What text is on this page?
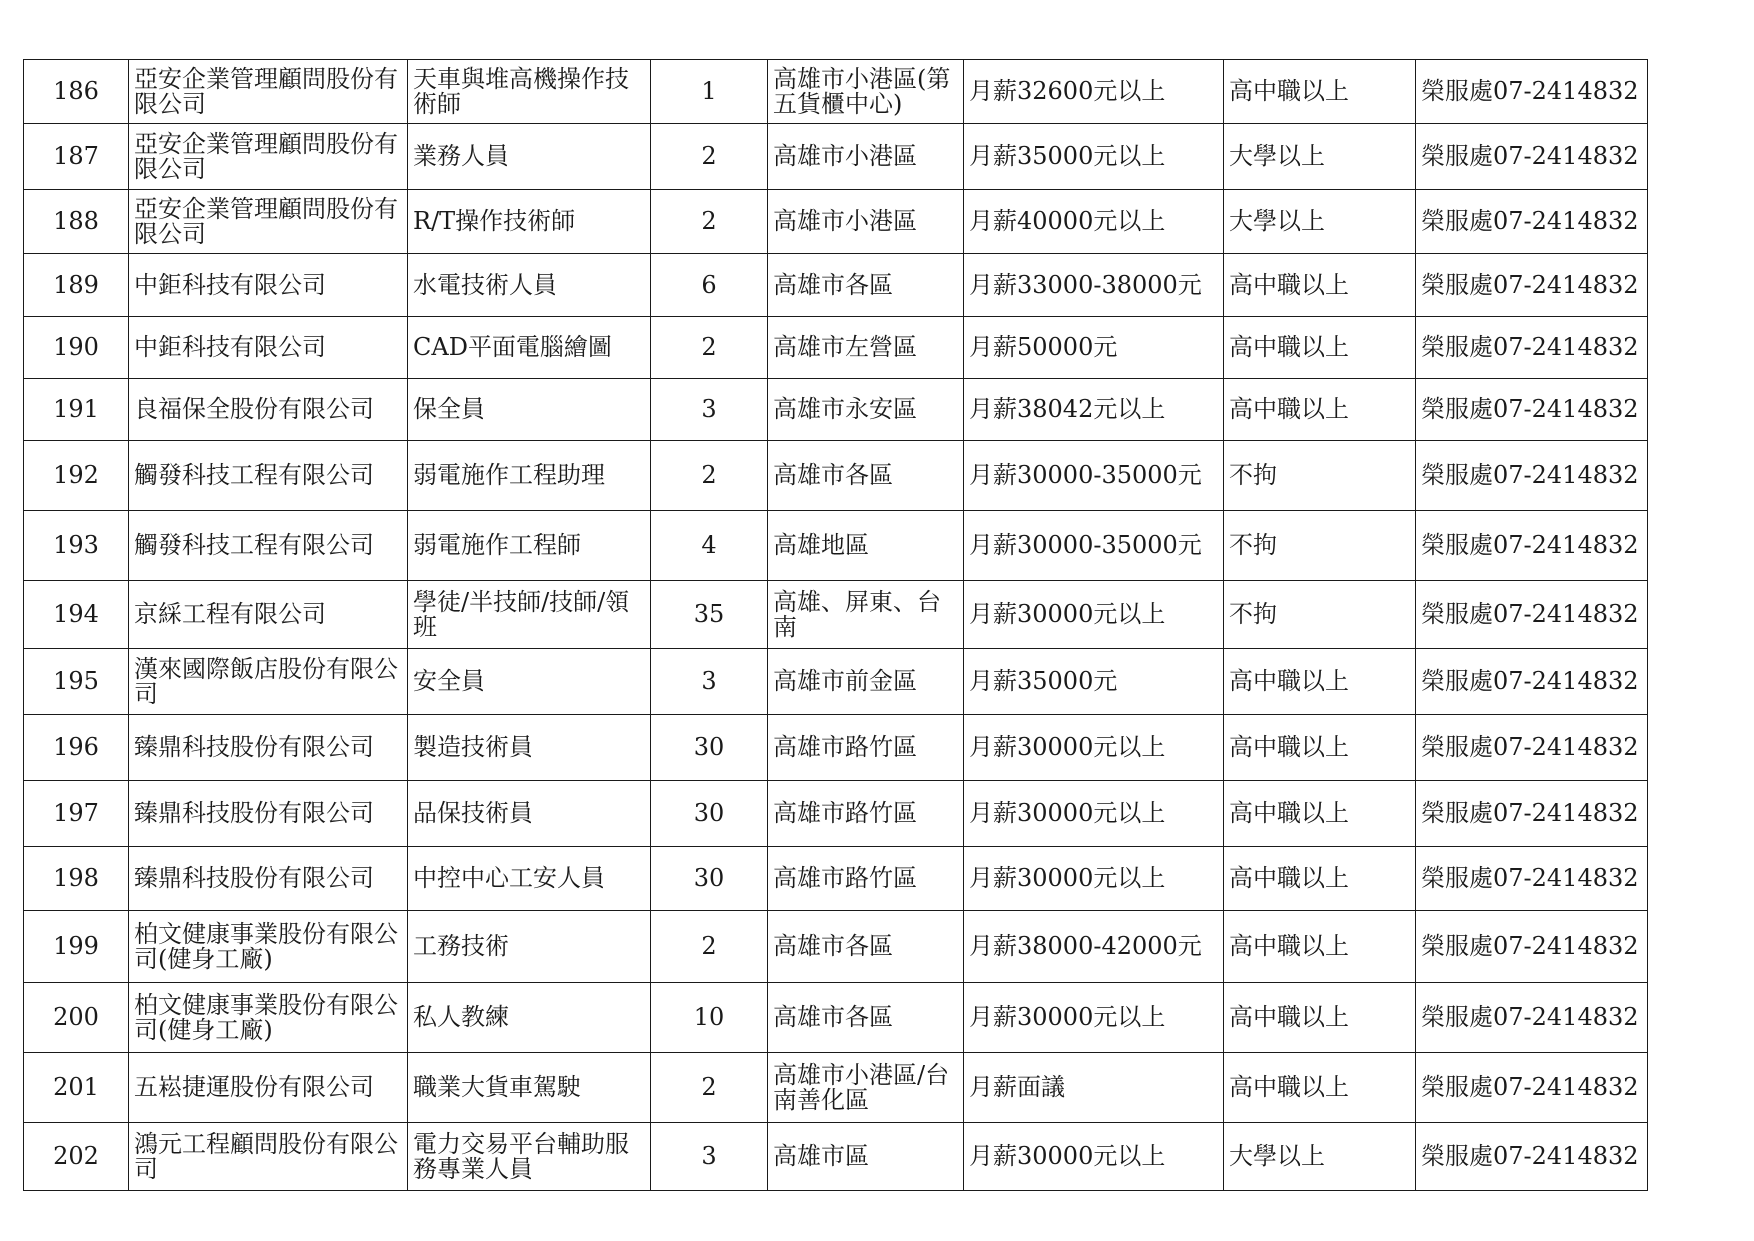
186	亞安企業管理顧問股份有限公司	天車與堆高機操作技術師	1	高雄市小港區(第五貨櫃中心)	月薪32600元以上	高中職以上	榮服處07-2414832
187	亞安企業管理顧問股份有限公司	業務人員	2	高雄市小港區	月薪35000元以上	大學以上	榮服處07-2414832
188	亞安企業管理顧問股份有限公司	R/T操作技術師	2	高雄市小港區	月薪40000元以上	大學以上	榮服處07-2414832
189	中鉅科技有限公司	水電技術人員	6	高雄市各區	月薪33000-38000元	高中職以上	榮服處07-2414832
190	中鉅科技有限公司	CAD平面電腦繪圖	2	高雄市左營區	月薪50000元	高中職以上	榮服處07-2414832
191	良福保全股份有限公司	保全員	3	高雄市永安區	月薪38042元以上	高中職以上	榮服處07-2414832
192	觸發科技工程有限公司	弱電施作工程助理	2	高雄市各區	月薪30000-35000元	不拘	榮服處07-2414832
193	觸發科技工程有限公司	弱電施作工程師	4	高雄地區	月薪30000-35000元	不拘	榮服處07-2414832
194	京綵工程有限公司	學徒/半技師/技師/領班	35	高雄、屏東、台南	月薪30000元以上	不拘	榮服處07-2414832
195	漢來國際飯店股份有限公司	安全員	3	高雄市前金區	月薪35000元	高中職以上	榮服處07-2414832
196	臻鼎科技股份有限公司	製造技術員	30	高雄市路竹區	月薪30000元以上	高中職以上	榮服處07-2414832
197	臻鼎科技股份有限公司	品保技術員	30	高雄市路竹區	月薪30000元以上	高中職以上	榮服處07-2414832
198	臻鼎科技股份有限公司	中控中心工安人員	30	高雄市路竹區	月薪30000元以上	高中職以上	榮服處07-2414832
199	柏文健康事業股份有限公司(健身工廠)	工務技術	2	高雄市各區	月薪38000-42000元	高中職以上	榮服處07-2414832
200	柏文健康事業股份有限公司(健身工廠)	私人教練	10	高雄市各區	月薪30000元以上	高中職以上	榮服處07-2414832
201	五崧捷運股份有限公司	職業大貨車駕駛	2	高雄市小港區/台南善化區	月薪面議	高中職以上	榮服處07-2414832
202	鴻元工程顧問股份有限公司	電力交易平台輔助服務專業人員	3	高雄市區	月薪30000元以上	大學以上	榮服處07-2414832
